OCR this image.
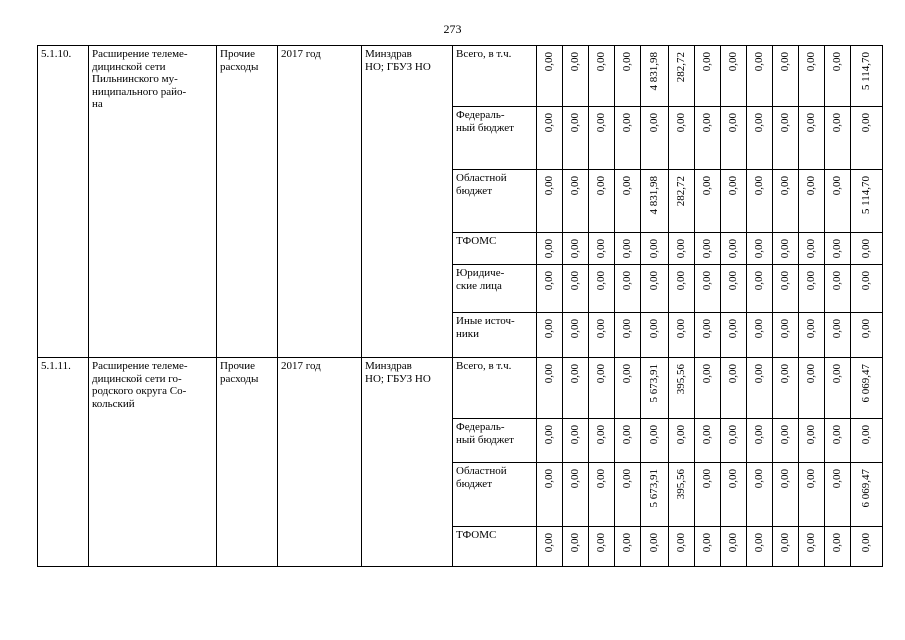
273
5.1.10.	Расширение телеме-
дицинской сети
Пильнинского му-
ниципального райо-
на	Прочие
расходы	2017 год	Минздрав
НО; ГБУЗ НО	Всего, в т.ч.	0,00	0,00	0,00	0,00	4 831,98	282,72	0,00	0,00	0,00	0,00	0,00	0,00	5 114,70

					Федераль-
ный бюджет	0,00	0,00	0,00	0,00	0,00	0,00	0,00	0,00	0,00	0,00	0,00	0,00	0,00

					Областной
бюджет	0,00	0,00	0,00	0,00	4 831,98	282,72	0,00	0,00	0,00	0,00	0,00	0,00	5 114,70

					ТФОМС	0,00	0,00	0,00	0,00	0,00	0,00	0,00	0,00	0,00	0,00	0,00	0,00	0,00

					Юридиче-
ские лица	0,00	0,00	0,00	0,00	0,00	0,00	0,00	0,00	0,00	0,00	0,00	0,00	0,00

					Иные источ-
ники	0,00	0,00	0,00	0,00	0,00	0,00	0,00	0,00	0,00	0,00	0,00	0,00	0,00

5.1.11.	Расширение телеме-
дицинской сети го-
родского округа Со-
кольский	Прочие
расходы	2017 год	Минздрав
НО; ГБУЗ НО	Всего, в т.ч.	0,00	0,00	0,00	0,00	5 673,91	395,56	0,00	0,00	0,00	0,00	0,00	0,00	6 069,47

					Федераль-
ный бюджет	0,00	0,00	0,00	0,00	0,00	0,00	0,00	0,00	0,00	0,00	0,00	0,00	0,00

					Областной
бюджет	0,00	0,00	0,00	0,00	5 673,91	395,56	0,00	0,00	0,00	0,00	0,00	0,00	6 069,47

					ТФОМС	0,00	0,00	0,00	0,00	0,00	0,00	0,00	0,00	0,00	0,00	0,00	0,00	0,00
